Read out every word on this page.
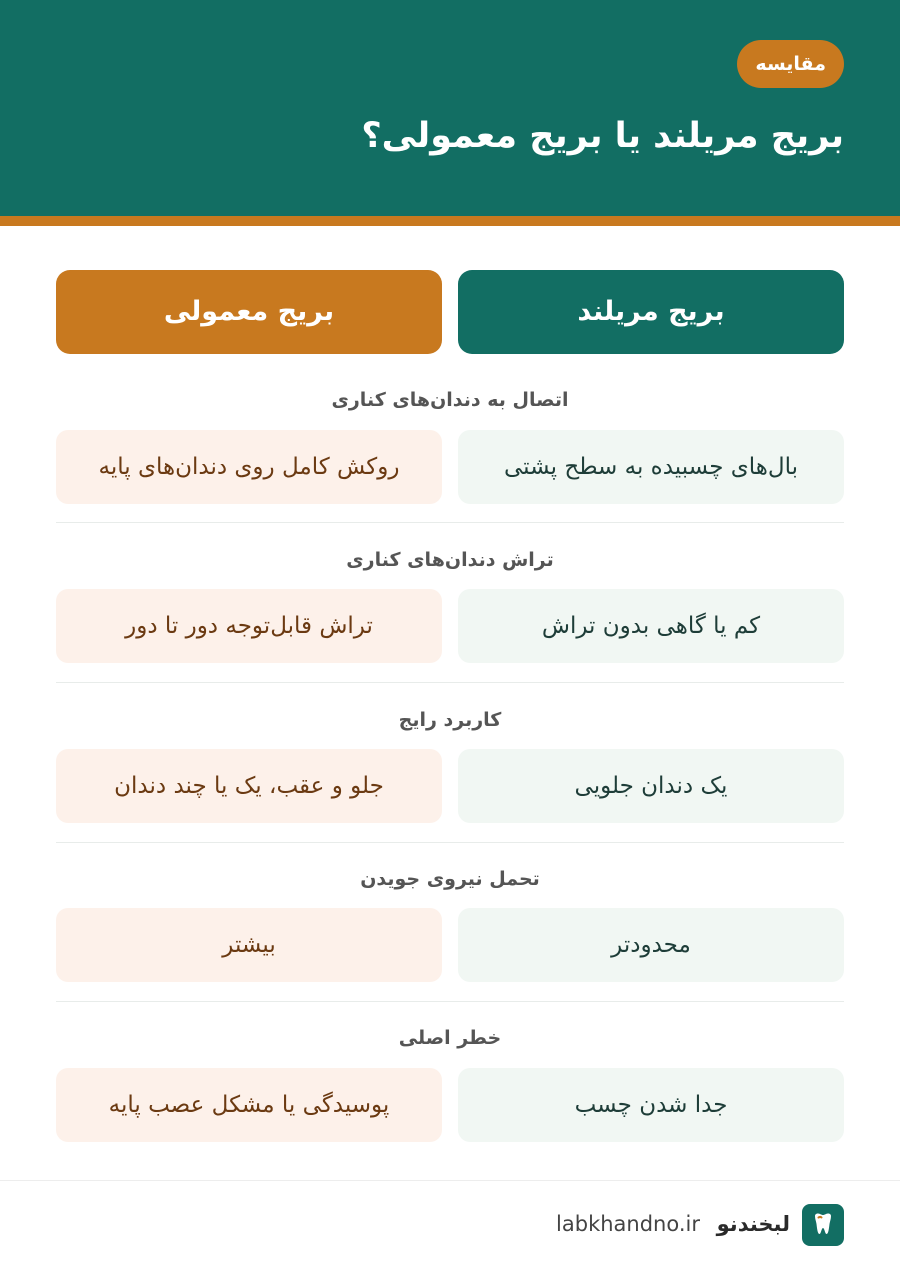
مقایسه
بریج مریلند یا بریج معمولی؟
بریج مریلند
بریج معمولی
اتصال به دندان‌های کناری
بال‌های چسبیده به سطح پشتی
روکش کامل روی دندان‌های پایه
تراش دندان‌های کناری
کم یا گاهی بدون تراش
تراش قابل‌توجه دور تا دور
کاربرد رایج
یک دندان جلویی
جلو و عقب، یک یا چند دندان
تحمل نیروی جویدن
محدودتر
بیشتر
خطر اصلی
جدا شدن چسب
پوسیدگی یا مشکل عصب پایه
لبخندنو
labkhandno.ir
